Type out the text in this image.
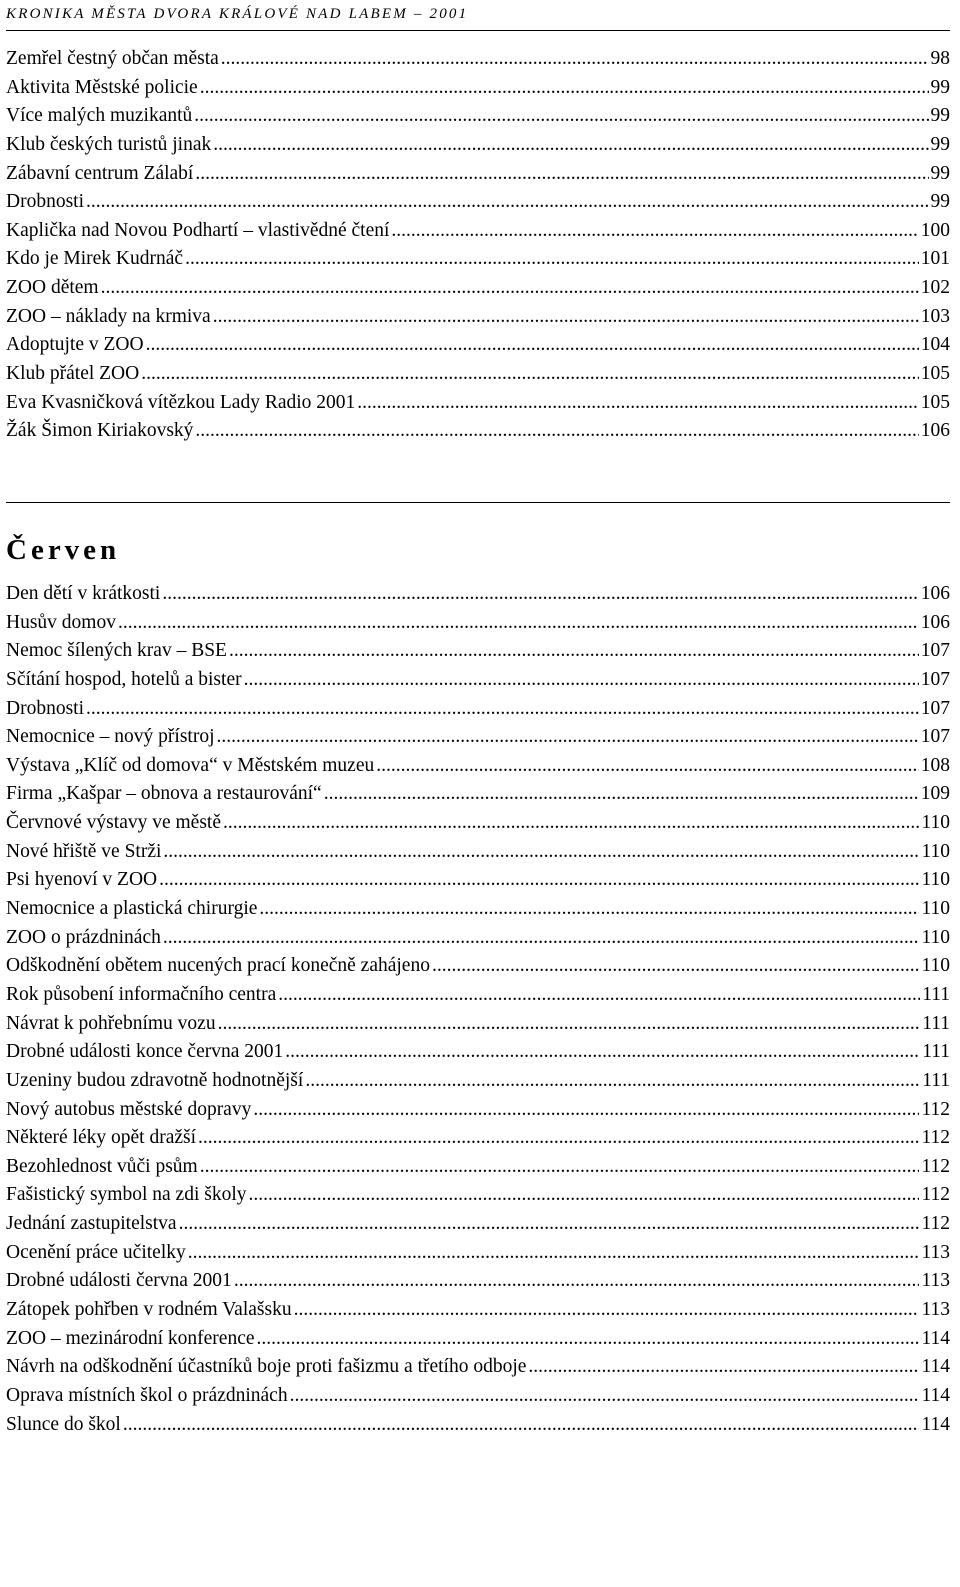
KRONIKA MĚSTA DVORA KRÁLOVÉ NAD LABEM – 2001
Zemřel čestný občan města .....	98
Aktivita Městské policie .....	99
Více malých muzikantů .....	99
Klub českých turistů jinak .....	99
Zábavní centrum Zálabí .....	99
Drobnosti .....	99
Kaplička nad Novou Podhartí – vlastivědné čtení .....	100
Kdo je Mirek Kudrnáč .....	101
ZOO dětem .....	102
ZOO – náklady na krmiva .....	103
Adoptujte v ZOO .....	104
Klub přátel ZOO .....	105
Eva Kvasničková vítězkou Lady Radio 2001 .....	105
Žák Šimon Kiriakovský .....	106
Červen
Den dětí v krátkosti .....	106
Husův domov .....	106
Nemoc šílených krav – BSE .....	107
Sčítání hospod, hotelů a bister .....	107
Drobnosti .....	107
Nemocnice – nový přístroj .....	107
Výstava „Klíč od domova“ v Městském muzeu .....	108
Firma „Kašpar – obnova a restaurování“ .....	109
Červnové výstavy ve městě .....	110
Nové hřiště ve Strži .....	110
Psi hyenoví v ZOO .....	110
Nemocnice a plastická chirurgie .....	110
ZOO o prázdninách .....	110
Odškodnění obětem nucených prací konečně zahájeno .....	110
Rok působení informačního centra .....	111
Návrat k pohřebnímu vozu .....	111
Drobné události konce června 2001 .....	111
Uzeniny budou zdravotně hodnotnější .....	111
Nový autobus městské dopravy .....	112
Některé léky opět dražší .....	112
Bezohlednost vůči psům .....	112
Fašistický symbol na zdi školy .....	112
Jednání zastupitelstva .....	112
Ocenění práce učitelky .....	113
Drobné události června 2001 .....	113
Zátopek pohřben v rodném Valašsku .....	113
ZOO – mezinárodní konference .....	114
Návrh na odškodnění účastníků boje proti fašizmu a třetího odboje .....	114
Oprava místních škol o prázdninách .....	114
Slunce do škol .....	114
